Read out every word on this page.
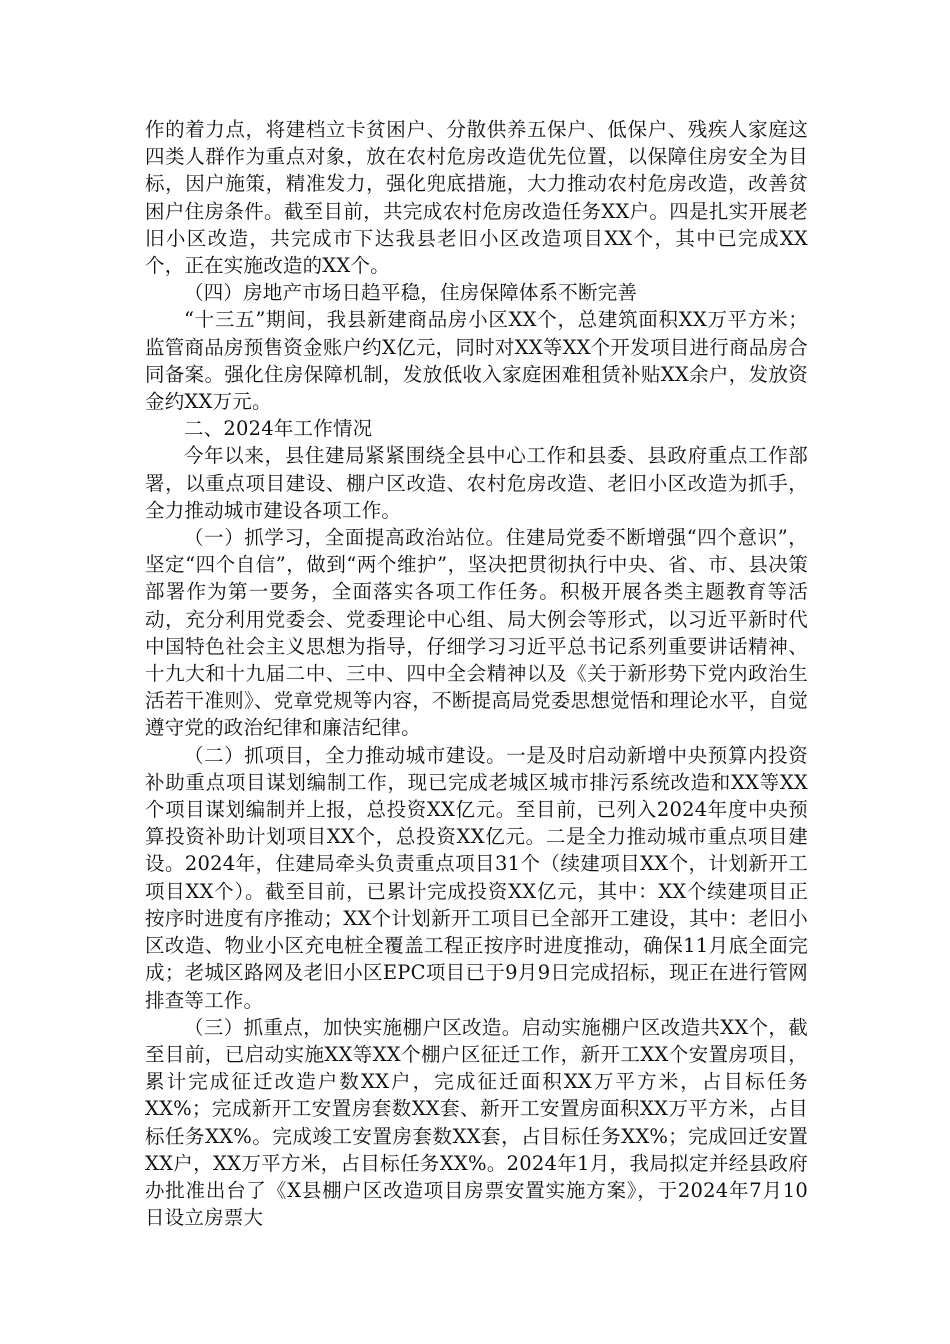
作的着力点，将建档立卡贫困户、分散供养五保户、低保户、残疾人家庭这四类人群作为重点对象，放在农村危房改造优先位置，以保障住房安全为目标，因户施策，精准发力，强化兜底措施，大力推动农村危房改造，改善贫困户住房条件。截至目前，共完成农村危房改造任务XX户。四是扎实开展老旧小区改造，共完成市下达我县老旧小区改造项目XX个，其中已完成XX个，正在实施改造的XX个。

（四）房地产市场日趋平稳，住房保障体系不断完善

“十三五”期间，我县新建商品房小区XX个，总建筑面积XX万平方米；监管商品房预售资金账户约X亿元，同时对XX等XX个开发项目进行商品房合同备案。强化住房保障机制，发放低收入家庭困难租赁补贴XX余户，发放资金约XX万元。

二、2024年工作情况

今年以来，县住建局紧紧围绕全县中心工作和县委、县政府重点工作部署，以重点项目建设、棚户区改造、农村危房改造、老旧小区改造为抓手，全力推动城市建设各项工作。

（一）抓学习，全面提高政治站位。住建局党委不断增强“四个意识”，坚定“四个自信”，做到“两个维护”，坚决把贯彻执行中央、省、市、县决策部署作为第一要务，全面落实各项工作任务。积极开展各类主题教育等活动，充分利用党委会、党委理论中心组、局大例会等形式，以习近平新时代中国特色社会主义思想为指导，仔细学习习近平总书记系列重要讲话精神、十九大和十九届二中、三中、四中全会精神以及《关于新形势下党内政治生活若干准则》、党章党规等内容，不断提高局党委思想觉悟和理论水平，自觉遵守党的政治纪律和廉洁纪律。

（二）抓项目，全力推动城市建设。一是及时启动新增中央预算内投资补助重点项目谋划编制工作，现已完成老城区城市排污系统改造和XX等XX个项目谋划编制并上报，总投资XX亿元。至目前，已列入2024年度中央预算投资补助计划项目XX个，总投资XX亿元。二是全力推动城市重点项目建设。2024年，住建局牵头负责重点项目31个（续建项目XX个，计划新开工项目XX个）。截至目前，已累计完成投资XX亿元，其中：XX个续建项目正按序时进度有序推动；XX个计划新开工项目已全部开工建设，其中：老旧小区改造、物业小区充电桩全覆盖工程正按序时进度推动，确保11月底全面完成；老城区路网及老旧小区EPC项目已于9月9日完成招标，现正在进行管网排查等工作。

（三）抓重点，加快实施棚户区改造。启动实施棚户区改造共XX个，截至目前，已启动实施XX等XX个棚户区征迁工作，新开工XX个安置房项目，累计完成征迁改造户数XX户，完成征迁面积XX万平方米，占目标任务XX%；完成新开工安置房套数XX套、新开工安置房面积XX万平方米，占目标任务XX%。完成竣工安置房套数XX套，占目标任务XX%；完成回迁安置XX户，XX万平方米，占目标任务XX%。2024年1月，我局拟定并经县政府办批准出台了《X县棚户区改造项目房票安置实施方案》，于2024年7月10日设立房票大
